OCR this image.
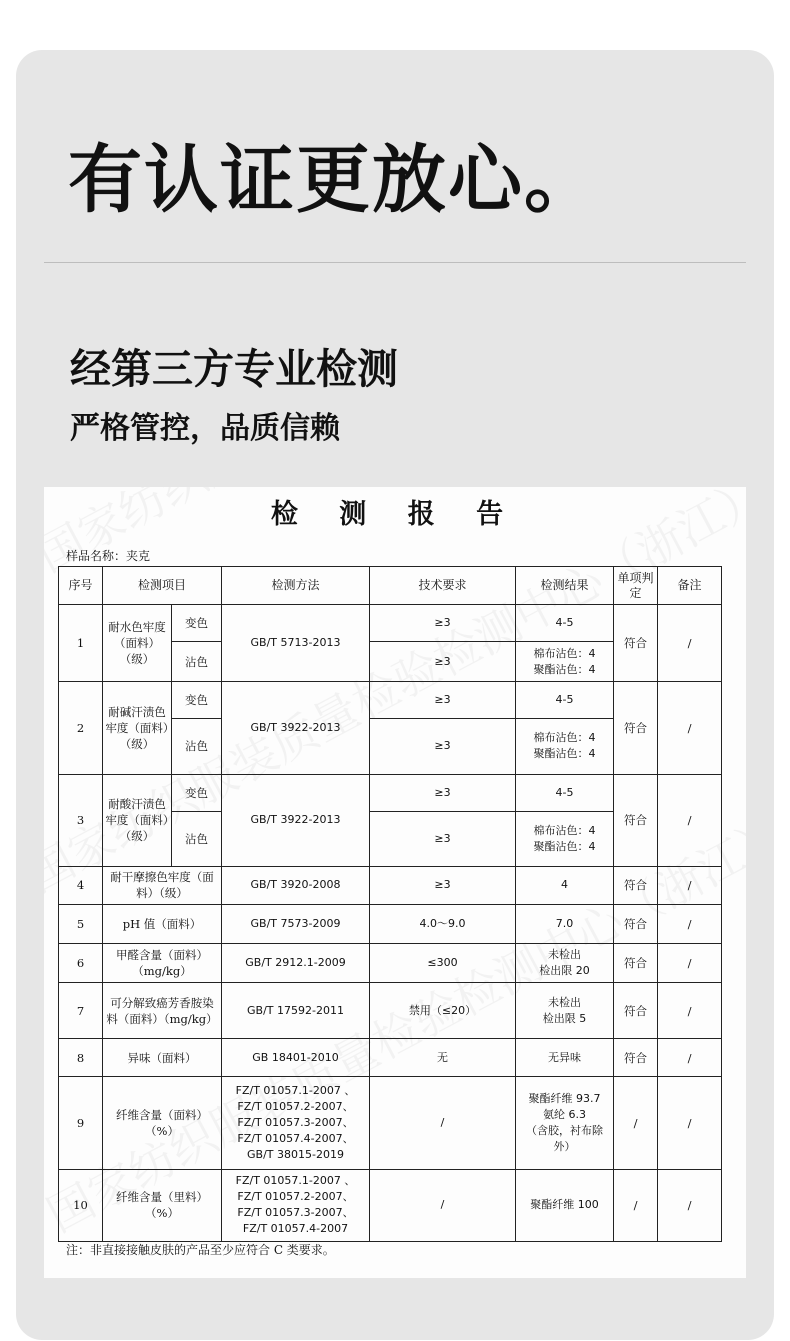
有认证更放心。
经第三方专业检测
严格管控，品质信赖
检 测 报 告
样品名称：夹克
序号	检测项目		检测方法	技术要求	检测结果	单项判定	备注
1	耐水色牢度（面料）（级）	变色	GB/T 5713-2013	≥3	4-5	符合	/
		沾色		≥3	棉布沾色：4
聚酯沾色：4		
2	耐碱汗渍色牢度（面料）（级）	变色	GB/T 3922-2013	≥3	4-5	符合	/
		沾色		≥3	棉布沾色：4
聚酯沾色：4		
3	耐酸汗渍色牢度（面料）（级）	变色	GB/T 3922-2013	≥3	4-5	符合	/
		沾色		≥3	棉布沾色：4
聚酯沾色：4		
4	耐干摩擦色牢度（面料）（级）		GB/T 3920-2008	≥3	4	符合	/
5	pH 值（面料）		GB/T 7573-2009	4.0～9.0	7.0	符合	/
6	甲醛含量（面料）（mg/kg）		GB/T 2912.1-2009	≤300	未检出
检出限 20	符合	/
7	可分解致癌芳香胺染料（面料）（mg/kg）		GB/T 17592-2011	禁用（≤20）	未检出
检出限 5	符合	/
8	异味（面料）		GB 18401-2010	无	无异味	符合	/
9	纤维含量（面料）（%）		FZ/T 01057.1-2007 、
FZ/T 01057.2-2007、
FZ/T 01057.3-2007、
FZ/T 01057.4-2007、
GB/T 38015-2019	/	聚酯纤维 93.7
氨纶 6.3
（含胶，衬布除外）	/	/
10	纤维含量（里料）（%）		FZ/T 01057.1-2007 、
FZ/T 01057.2-2007、
FZ/T 01057.3-2007、
FZ/T 01057.4-2007	/	聚酯纤维 100	/	/
注：非直接接触皮肤的产品至少应符合 C 类要求。
